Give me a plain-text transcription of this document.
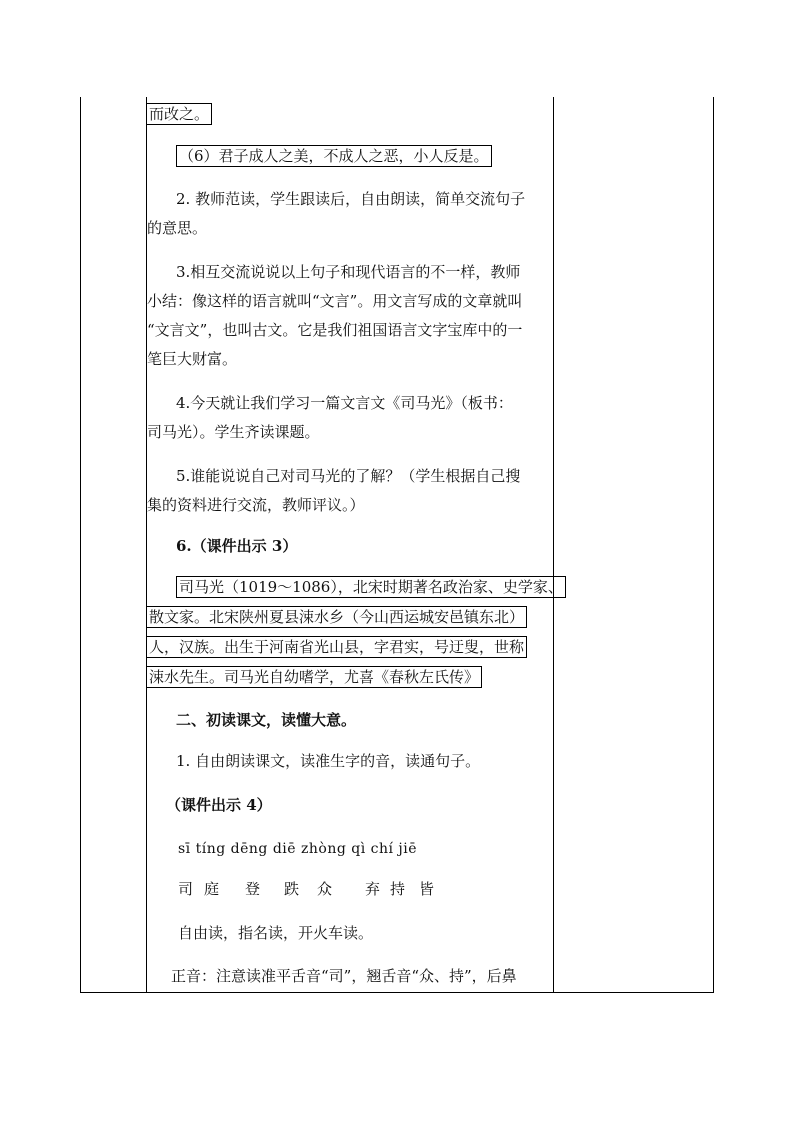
而改之。
（6）君子成人之美，不成人之恶，小人反是。
2. 教师范读，学生跟读后，自由朗读，简单交流句子
的意思。
3.相互交流说说以上句子和现代语言的不一样，教师
小结：像这样的语言就叫“文言”。用文言写成的文章就叫
“文言文”，也叫古文。它是我们祖国语言文字宝库中的一
笔巨大财富。
4.今天就让我们学习一篇文言文《司马光》（板书：
司马光）。学生齐读课题。
5.谁能说说自己对司马光的了解？（学生根据自己搜
集的资料进行交流，教师评议。）
6.（课件出示 3）
司马光（1019～1086），北宋时期著名政治家、史学家、
散文家。北宋陕州夏县涑水乡（今山西运城安邑镇东北）
人，汉族。出生于河南省光山县，字君实，号迂叟，世称
涑水先生。司马光自幼嗜学，尤喜《春秋左氏传》
二、初读课文，读懂大意。
1. 自由朗读课文，读准生字的音，读通句子。
（课件出示 4）
sī tíng dēng diē zhòng qì chí jiē
司 庭 登 跌 众 弃 持 皆
自由读，指名读，开火车读。
正音：注意读准平舌音“司”，翘舌音“众、持”，后鼻
